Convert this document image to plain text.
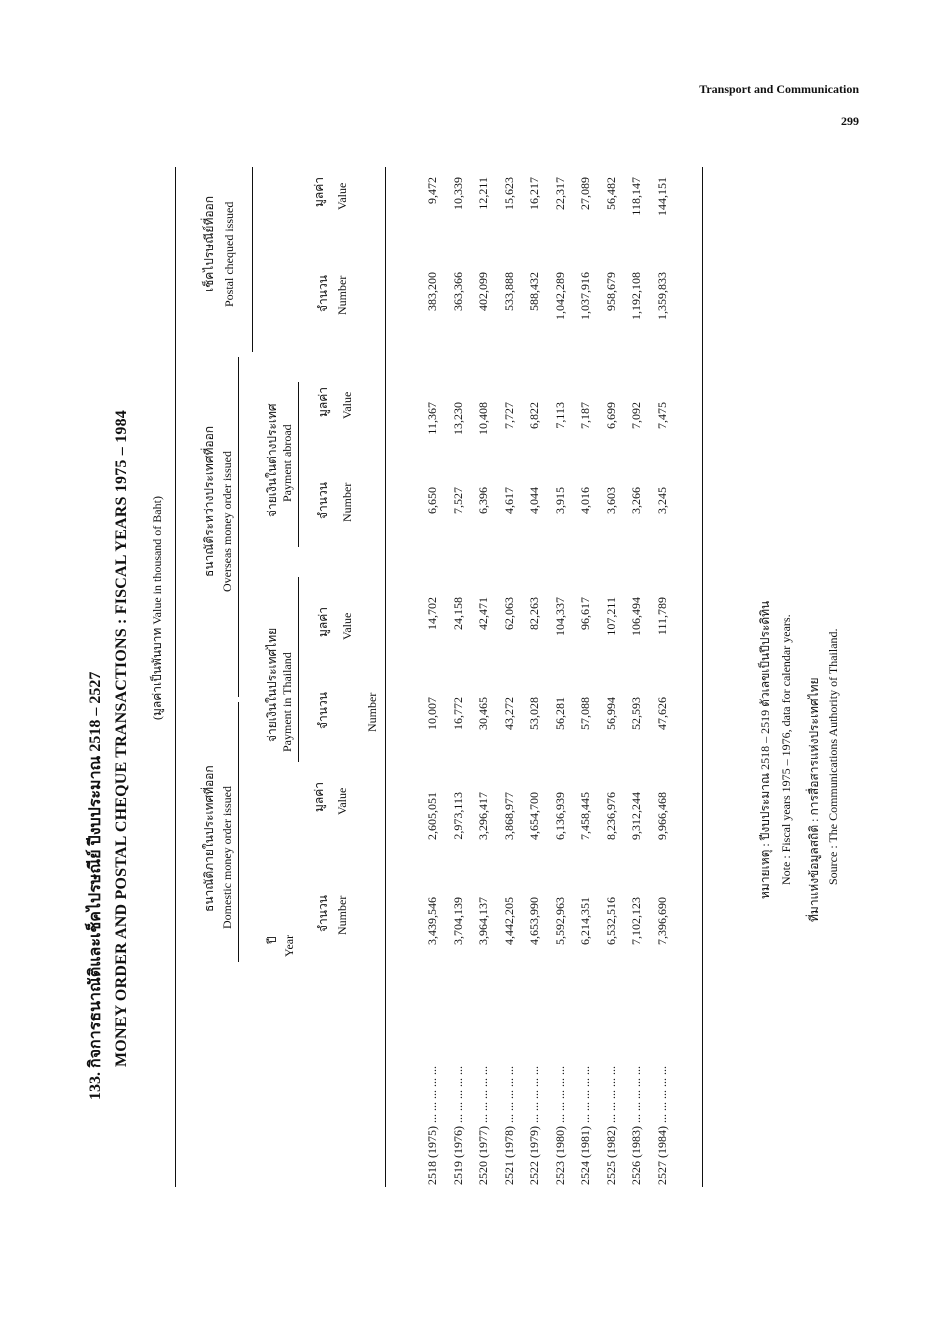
Transport and Communication
299
133. กิจการธนาณัติและเช็คไปรษณีย์ ปีงบประมาณ 2518 – 2527 MONEY ORDER AND POSTAL CHEQUE TRANSACTIONS : FISCAL YEARS 1975 – 1984 (มูลค่าเป็นพันบาท Value in thousand of Baht)
ธนาณัติภายในประเทศที่ออก Domestic money order issued
ธนาณัติระหว่างประเทศที่ออก Overseas money order issued
เช็คไปรษณีย์ที่ออก Postal chequed issued
จ่ายเงินในประเทศไทย Payment in Thailand
จ่ายเงินในต่างประเทศ Payment abroad
ปี Year
จำนวน Number
มูลค่า Value
จำนวน	Number
มูลค่า Value
จำนวน Number
มูลค่า Value
จำนวน Number
มูลค่า Value
2518 (1975) ... ... ... ... ...
3,439,546
2,605,051
10,007
14,702
6,650
11,367
383,200
9,472
2519 (1976) ... ... ... ... ...
3,704,139
2,973,113
16,772
24,158
7,527
13,230
363,366
10,339
2520 (1977) ... ... ... ... ...
3,964,137
3,296,417
30,465
42,471
6,396
10,408
402,099
12,211
2521 (1978) ... ... ... ... ...
4,442,205
3,868,977
43,272
62,063
4,617
7,727
533,888
15,623
2522 (1979) ... ... ... ... ...
4,653,990
4,654,700
53,028
82,263
4,044
6,822
588,432
16,217
2523 (1980) ... ... ... ... ...
5,592,963
6,136,939
56,281
104,337
3,915
7,113
1,042,289
22,317
2524 (1981) ... ... ... ... ...
6,214,351
7,458,445
57,088
96,617
4,016
7,187
1,037,916
27,089
2525 (1982) ... ... ... ... ...
6,532,516
8,236,976
56,994
107,211
3,603
6,699
958,679
56,482
2526 (1983) ... ... ... ... ...
7,102,123
9,312,244
52,593
106,494
3,266
7,092
1,192,108
118,147
2527 (1984) ... ... ... ... ...
7,396,690
9,966,468
47,626
111,789
3,245
7,475
1,359,833
144,151
หมายเหตุ : ปีงบประมาณ 2518 – 2519 ตัวเลขเป็นปีประดิทิน Note : Fiscal years 1975 – 1976, data for calendar years. ที่มาแห่งข้อมูลสถิติ : การสื่อสารแห่งประเทศไทย Source : The Communications Authority of Thailand.
